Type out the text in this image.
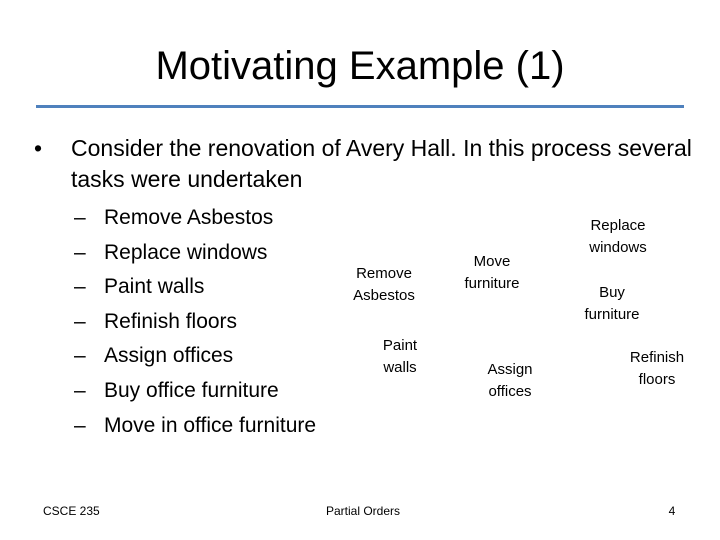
Motivating Example (1)
•	Consider the renovation of Avery Hall. In this process several tasks were undertaken
– Remove Asbestos
– Replace windows
– Paint walls
– Refinish floors
– Assign offices
– Buy office furniture
– Move in office furniture
Remove
Asbestos
Paint
walls
Move
furniture
Assign
offices
Replace
windows
Buy
furniture
Refinish
floors
CSCE 235	Partial Orders	4
